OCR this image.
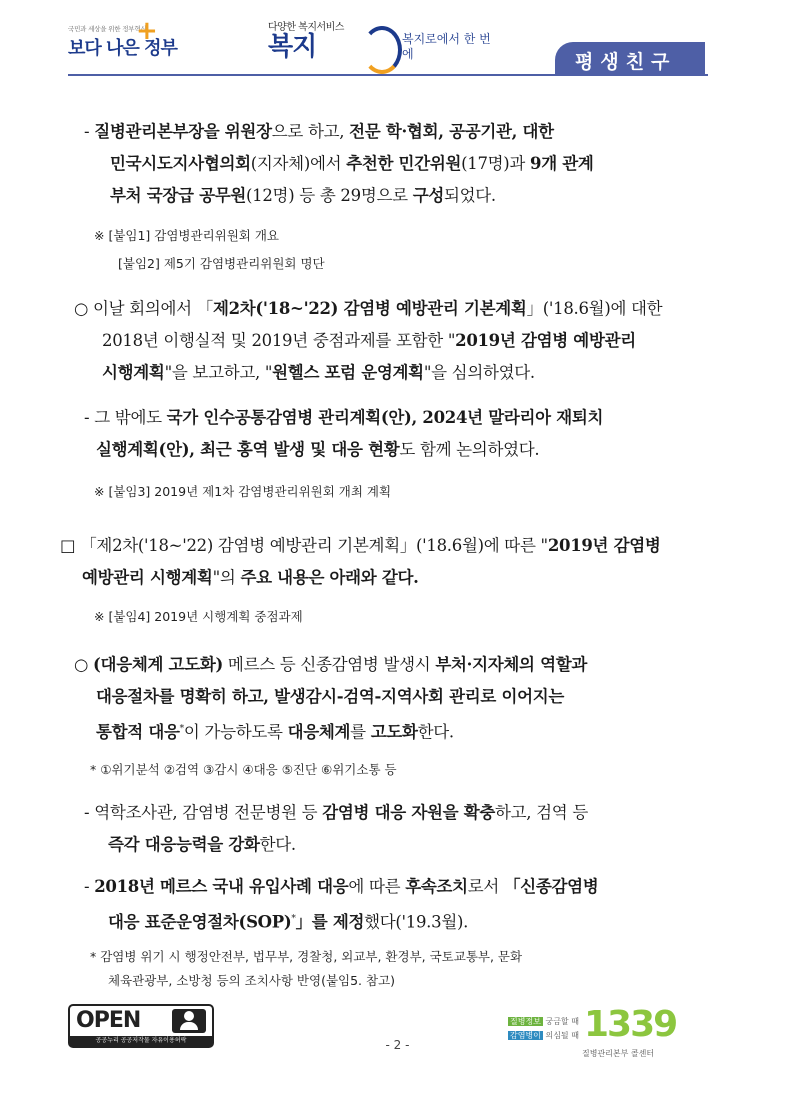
국민과 세상을 위한 정부혁신
보다 나은 정부
+	다양한 복지서비스
복지	복지로에서 한 번에	평생친구
- 질병관리본부장을 위원장으로 하고, 전문 학·협회, 공공기관, 대한
민국시도지사협의회(지자체)에서 추천한 민간위원(17명)과 9개 관계
부처 국장급 공무원(12명) 등 총 29명으로 구성되었다.
※ [붙임1] 감염병관리위원회 개요
[붙임2] 제5기 감염병관리위원회 명단
○ 이날 회의에서 「제2차('18~'22) 감염병 예방관리 기본계획」('18.6월)에 대한
2018년 이행실적 및 2019년 중점과제를 포함한 "2019년 감염병 예방관리
시행계획"을 보고하고, "원헬스 포럼 운영계획"을 심의하였다.
- 그 밖에도 국가 인수공통감염병 관리계획(안), 2024년 말라리아 재퇴치
실행계획(안), 최근 홍역 발생 및 대응 현황도 함께 논의하였다.
※ [붙임3] 2019년 제1차 감염병관리위원회 개최 계획
□ 「제2차('18~'22) 감염병 예방관리 기본계획」('18.6월)에 따른 "2019년 감염병
예방관리 시행계획"의 주요 내용은 아래와 같다.
※ [붙임4] 2019년 시행계획 중점과제
○ (대응체계 고도화) 메르스 등 신종감염병 발생시 부처·지자체의 역할과
대응절차를 명확히 하고, 발생감시-검역-지역사회 관리로 이어지는
통합적 대응*이 가능하도록 대응체계를 고도화한다.
* ①위기분석 ②검역 ③감시 ④대응 ⑤진단 ⑥위기소통 등
- 역학조사관, 감염병 전문병원 등 감염병 대응 자원을 확충하고, 검역 등
즉각 대응능력을 강화한다.
- 2018년 메르스 국내 유입사례 대응에 따른 후속조치로서 「신종감염병
대응 표준운영절차(SOP)*」를 제정했다('19.3월).
* 감염병 위기 시 행정안전부, 법무부, 경찰청, 외교부, 환경부, 국토교통부, 문화
체육관광부, 소방청 등의 조치사항 반영(붙임5. 참고)
OPEN
공공누리 공공저작물 자유이용허락	- 2 -
질병정보 궁금할 때
감염병이 의심될 때 1339
질병관리본부 콜센터
